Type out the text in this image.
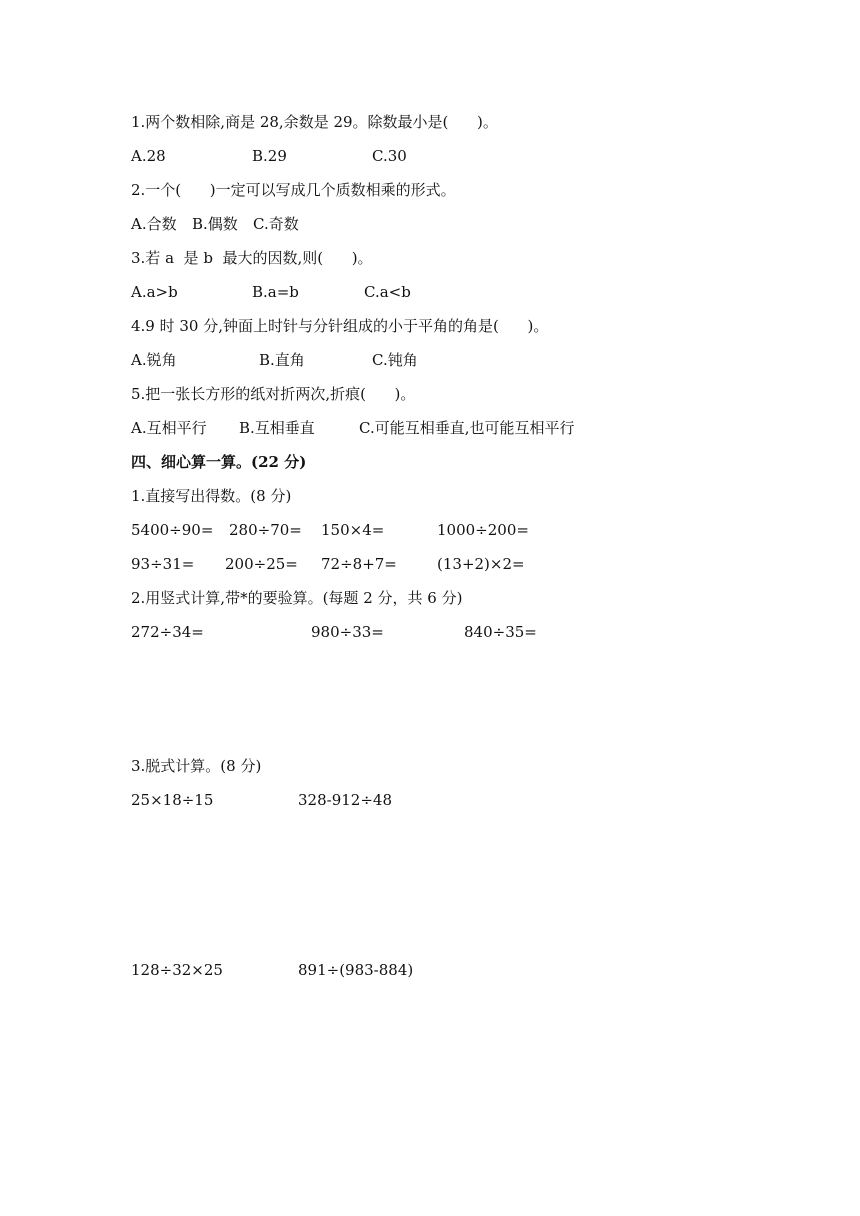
1.两个数相除,商是 28,余数是 29。除数最小是(      )。
A.28	B.29	C.30
2.一个(      )一定可以写成几个质数相乘的形式。
A.合数 B.偶数 C.奇数
3.若 a  是 b  最大的因数,则(      )。
A.a>b	B.a=b	C.a<b
4.9 时 30 分,钟面上时针与分针组成的小于平角的角是(      )。
A.锐角	B.直角	C.钝角
5.把一张长方形的纸对折两次,折痕(      )。
A.互相平行 B.互相垂直	C.可能互相垂直,也可能互相平行
四、细心算一算。(22 分)
1.直接写出得数。(8 分)
5400÷90= 280÷70= 150×4=	1000÷200=
93÷31= 200÷25= 72÷8+7=	(13+2)×2=
2.用竖式计算,带*的要验算。(每题 2 分，共 6 分)
272÷34=	980÷33=	840÷35=
3.脱式计算。(8 分)
25×18÷15	328-912÷48
128÷32×25	891÷(983-884)
